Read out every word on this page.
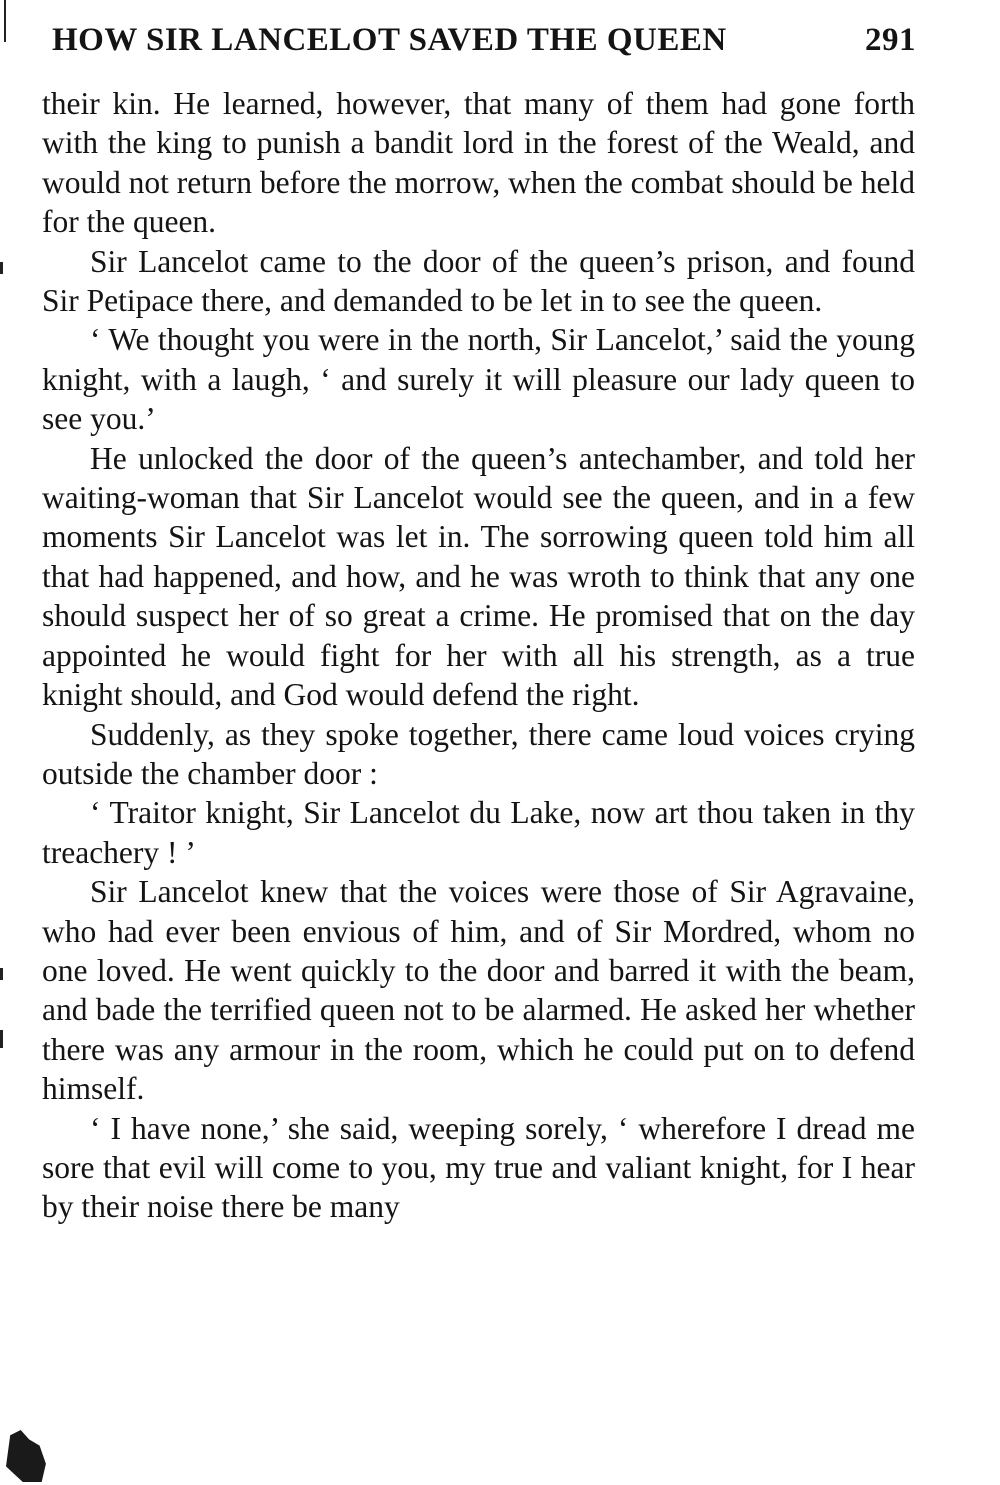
HOW SIR LANCELOT SAVED THE QUEEN	291

their kin. He learned, however, that many of them had gone forth with the king to punish a bandit lord in the forest of the Weald, and would not return before the morrow, when the combat should be held for the queen.

Sir Lancelot came to the door of the queen’s prison, and found Sir Petipace there, and demanded to be let in to see the queen.

‘ We thought you were in the north, Sir Lancelot,’ said the young knight, with a laugh, ‘ and surely it will pleasure our lady queen to see you.’

He unlocked the door of the queen’s antechamber, and told her waiting-woman that Sir Lancelot would see the queen, and in a few moments Sir Lancelot was let in. The sorrowing queen told him all that had happened, and how, and he was wroth to think that any one should suspect her of so great a crime. He promised that on the day appointed he would fight for her with all his strength, as a true knight should, and God would defend the right.

Suddenly, as they spoke together, there came loud voices crying outside the chamber door :

‘ Traitor knight, Sir Lancelot du Lake, now art thou taken in thy treachery ! ’

Sir Lancelot knew that the voices were those of Sir Agravaine, who had ever been envious of him, and of Sir Mordred, whom no one loved. He went quickly to the door and barred it with the beam, and bade the terrified queen not to be alarmed. He asked her whether there was any armour in the room, which he could put on to defend himself.

‘ I have none,’ she said, weeping sorely, ‘ wherefore I dread me sore that evil will come to you, my true and valiant knight, for I hear by their noise there be many
